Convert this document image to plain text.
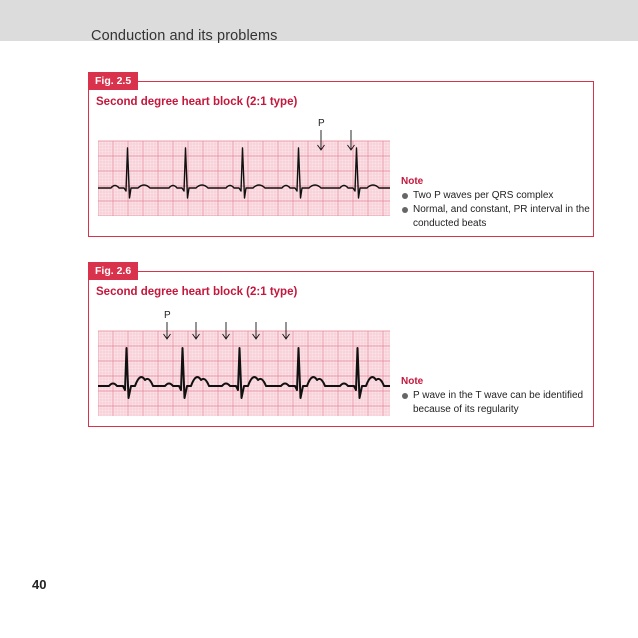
Conduction and its problems
Fig. 2.5
Second degree heart block (2:1 type)
P
Note
Two P waves per QRS complex
Normal, and constant, PR interval in the conducted beats
Fig. 2.6
Second degree heart block (2:1 type)
P
Note
P wave in the T wave can be identified because of its regularity
40
